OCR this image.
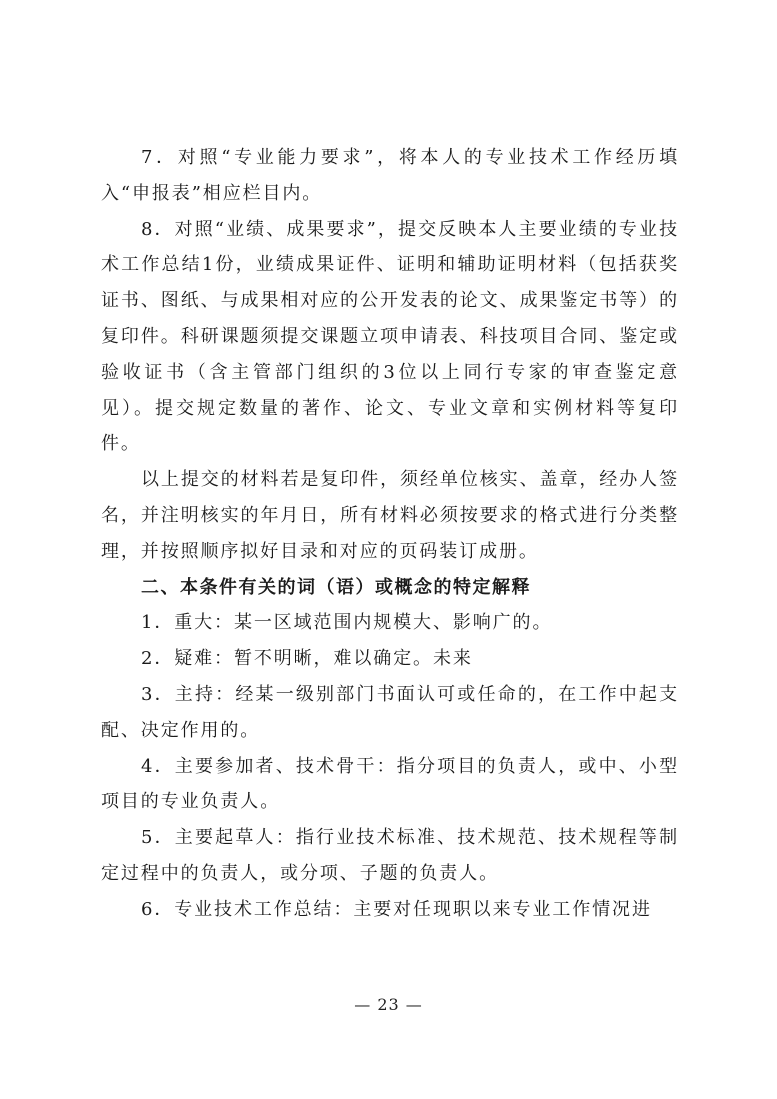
7．对照“专业能力要求”，将本人的专业技术工作经历填入“申报表”相应栏目内。

8．对照“业绩、成果要求”，提交反映本人主要业绩的专业技术工作总结1份，业绩成果证件、证明和辅助证明材料（包括获奖证书、图纸、与成果相对应的公开发表的论文、成果鉴定书等）的复印件。科研课题须提交课题立项申请表、科技项目合同、鉴定或验收证书（含主管部门组织的3位以上同行专家的审查鉴定意见）。提交规定数量的著作、论文、专业文章和实例材料等复印件。

以上提交的材料若是复印件，须经单位核实、盖章，经办人签名，并注明核实的年月日，所有材料必须按要求的格式进行分类整理，并按照顺序拟好目录和对应的页码装订成册。

二、本条件有关的词（语）或概念的特定解释

1．重大：某一区域范围内规模大、影响广的。

2．疑难：暂不明晰，难以确定。未来

3．主持：经某一级别部门书面认可或任命的，在工作中起支配、决定作用的。

4．主要参加者、技术骨干：指分项目的负责人，或中、小型项目的专业负责人。

5．主要起草人：指行业技术标准、技术规范、技术规程等制定过程中的负责人，或分项、子题的负责人。

6．专业技术工作总结：主要对任现职以来专业工作情况进

— 23 —
